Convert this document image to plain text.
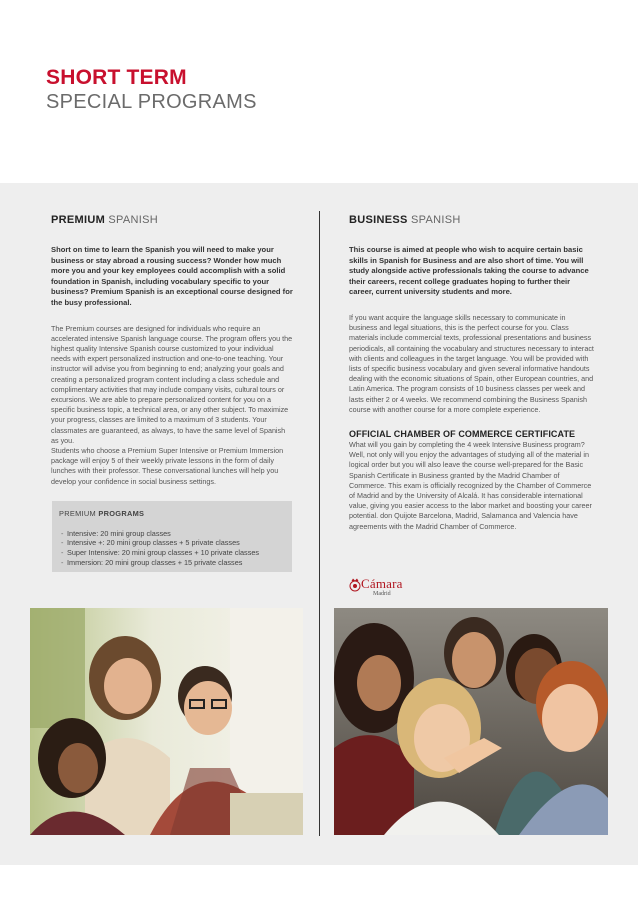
SHORT TERM
SPECIAL PROGRAMS
PREMIUM SPANISH

Short on time to learn the Spanish you will need to make your business or stay abroad a rousing success? Wonder how much more you and your key employees could accomplish with a solid foundation in Spanish, including vocabulary specific to your business? Premium Spanish is an exceptional course designed for the busy professional.

The Premium courses are designed for individuals who require an accelerated intensive Spanish language course. The program offers you the highest quality Intensive Spanish course customized to your individual needs with expert personalized instruction and one-to-one teaching. Your instructor will advise you from beginning to end; analyzing your goals and creating a personalized program content including a class schedule and complimentary activities that may include company visits, cultural tours or excursions. We are able to prepare personalized content for you on a specific business topic, a technical area, or any other subject. To maximize your progress, classes are limited to a maximum of 3 students. Your classmates are guaranteed, as always, to have the same level of Spanish as you.

Students who choose a Premium Super Intensive or Premium Immersion package will enjoy 5 of their weekly private lessons in the form of daily lunches with their professor. These conversational lunches will help you develop your confidence in social business settings.

PREMIUM PROGRAMS
- Intensive: 20 mini group classes
- Intensive +: 20 mini group classes + 5 private classes
- Super Intensive: 20 mini group classes + 10 private classes
- Immersion: 20 mini group classes + 15 private classes
BUSINESS SPANISH

This course is aimed at people who wish to acquire certain basic skills in Spanish for Business and are also short of time. You will study alongside active professionals taking the course to advance their careers, recent college graduates hoping to further their career, current university students and more.

If you want acquire the language skills necessary to communicate in business and legal situations, this is the perfect course for you. Class materials include commercial texts, professional presentations and business periodicals, all containing the vocabulary and structures necessary to interact with clients and colleagues in the target language. You will be provided with lists of specific business vocabulary and given several informative handouts dealing with the economic situations of Spain, other European countries, and Latin America. The program consists of 10 business classes per week and lasts either 2 or 4 weeks. We recommend combining the Business Spanish course with another course for a more complete experience.

OFFICIAL CHAMBER OF COMMERCE CERTIFICATE

What will you gain by completing the 4 week Intensive Business program? Well, not only will you enjoy the advantages of studying all of the material in logical order but you will also leave the course well-prepared for the Basic Spanish Certificate in Business granted by the Madrid Chamber of Commerce. This exam is officially recognized by the Chamber of Commerce of Madrid and by the University of Alcalá. It has considerable international value, giving you easier access to the labor market and boosting your career potential. don Quijote Barcelona, Madrid, Salamanca and Valencia have agreements with the Madrid Chamber of Commerce.

Cámara
Madrid
